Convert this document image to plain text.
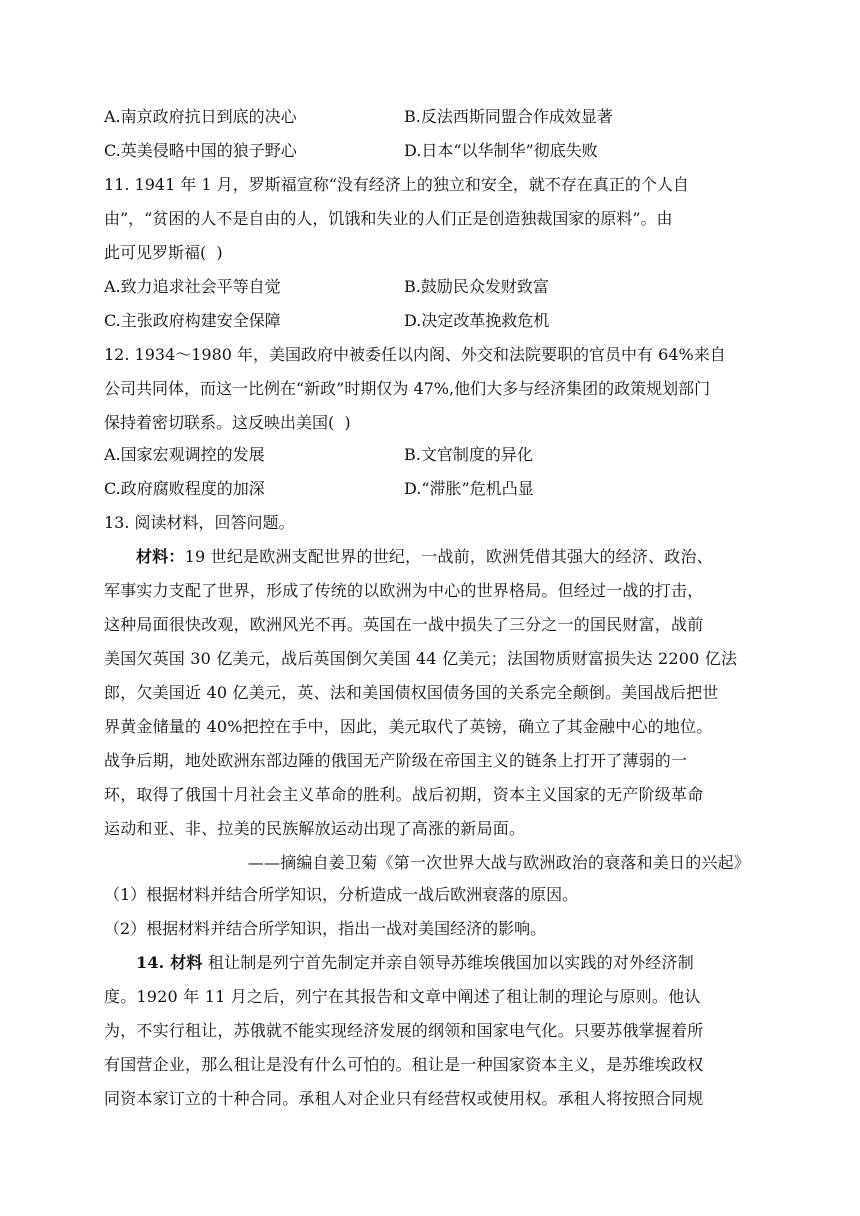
A.南京政府抗日到底的决心	B.反法西斯同盟合作成效显著
C.英美侵略中国的狼子野心	D.日本“以华制华”彻底失败
11. 1941 年 1 月，罗斯福宣称“没有经济上的独立和安全，就不存在真正的个人自
由”，“贫困的人不是自由的人，饥饿和失业的人们正是创造独裁国家的原料”。由
此可见罗斯福(  )
A.致力追求社会平等自觉	B.鼓励民众发财致富
C.主张政府构建安全保障	D.决定改革挽救危机
12. 1934～1980 年，美国政府中被委任以内阁、外交和法院要职的官员中有 64%来自
公司共同体，而这一比例在“新政”时期仅为 47%,他们大多与经济集团的政策规划部门
保持着密切联系。这反映出美国(  )
A.国家宏观调控的发展	B.文官制度的异化
C.政府腐败程度的加深	D.“滞胀”危机凸显
13. 阅读材料，回答问题。
材料：19 世纪是欧洲支配世界的世纪，一战前，欧洲凭借其强大的经济、政治、
军事实力支配了世界，形成了传统的以欧洲为中心的世界格局。但经过一战的打击，
这种局面很快改观，欧洲风光不再。英国在一战中损失了三分之一的国民财富，战前
美国欠英国 30 亿美元，战后英国倒欠美国 44 亿美元；法国物质财富损失达 2200 亿法
郎，欠美国近 40 亿美元，英、法和美国债权国债务国的关系完全颠倒。美国战后把世
界黄金储量的 40%把控在手中，因此，美元取代了英镑，确立了其金融中心的地位。
战争后期，地处欧洲东部边陲的俄国无产阶级在帝国主义的链条上打开了薄弱的一
环，取得了俄国十月社会主义革命的胜利。战后初期，资本主义国家的无产阶级革命
运动和亚、非、拉美的民族解放运动出现了高涨的新局面。
——摘编自姜卫菊《第一次世界大战与欧洲政治的衰落和美日的兴起》
（1）根据材料并结合所学知识，分析造成一战后欧洲衰落的原因。
（2）根据材料并结合所学知识，指出一战对美国经济的影响。
14. 材料 租让制是列宁首先制定并亲自领导苏维埃俄国加以实践的对外经济制
度。1920 年 11 月之后，列宁在其报告和文章中阐述了租让制的理论与原则。他认
为，不实行租让，苏俄就不能实现经济发展的纲领和国家电气化。只要苏俄掌握着所
有国营企业，那么租让是没有什么可怕的。租让是一种国家资本主义，是苏维埃政权
同资本家订立的十种合同。承租人对企业只有经营权或使用权。承租人将按照合同规
